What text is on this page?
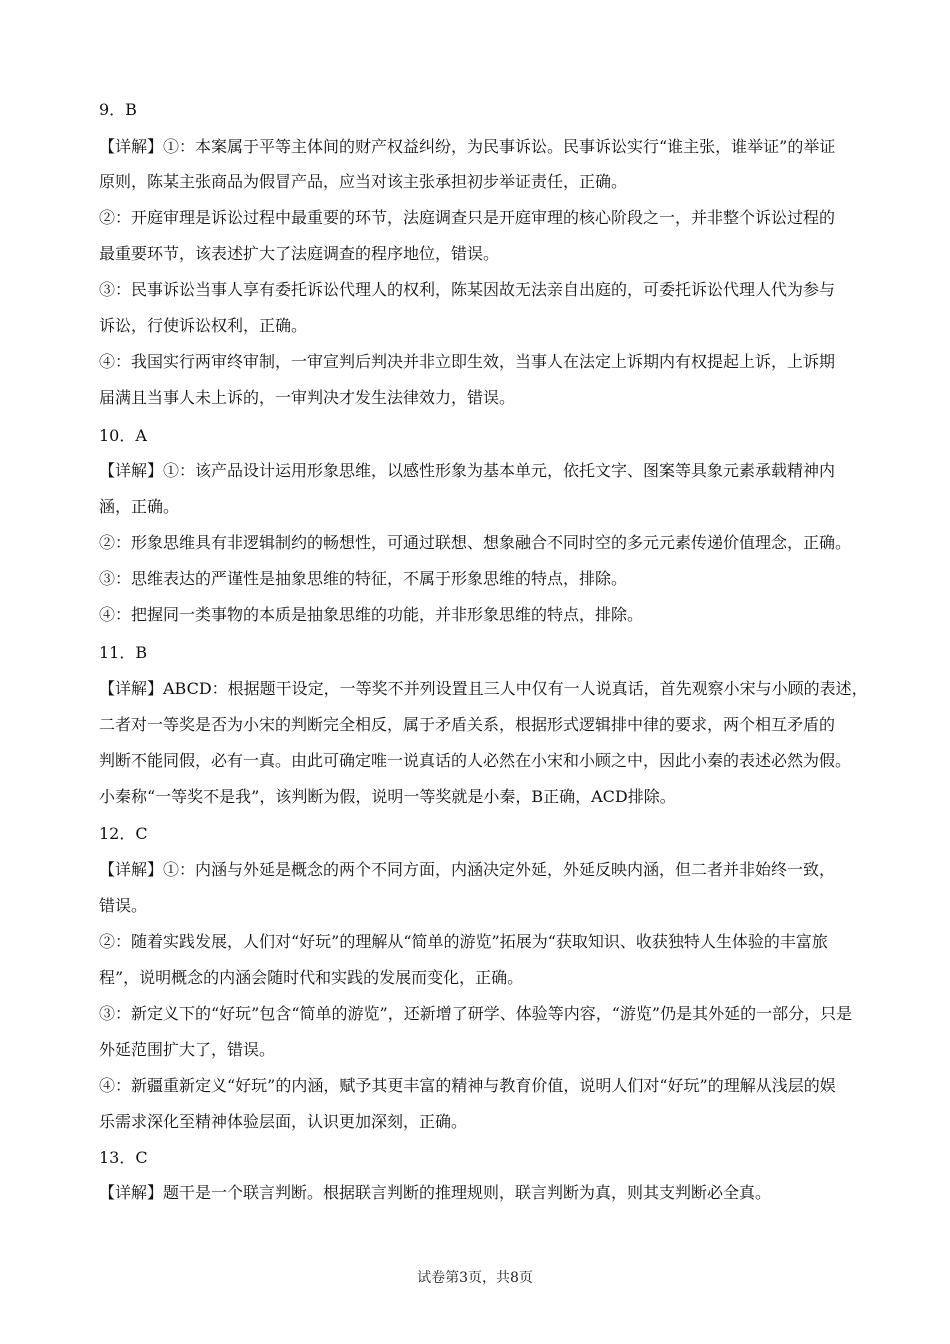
9．B
【详解】①：本案属于平等主体间的财产权益纠纷，为民事诉讼。民事诉讼实行“谁主张，谁举证”的举证
原则，陈某主张商品为假冒产品，应当对该主张承担初步举证责任，正确。
②：开庭审理是诉讼过程中最重要的环节，法庭调查只是开庭审理的核心阶段之一，并非整个诉讼过程的
最重要环节，该表述扩大了法庭调查的程序地位，错误。
③：民事诉讼当事人享有委托诉讼代理人的权利，陈某因故无法亲自出庭的，可委托诉讼代理人代为参与
诉讼，行使诉讼权利，正确。
④：我国实行两审终审制，一审宣判后判决并非立即生效，当事人在法定上诉期内有权提起上诉，上诉期
届满且当事人未上诉的，一审判决才发生法律效力，错误。
10．A
【详解】①：该产品设计运用形象思维，以感性形象为基本单元，依托文字、图案等具象元素承载精神内
涵，正确。
②：形象思维具有非逻辑制约的畅想性，可通过联想、想象融合不同时空的多元元素传递价值理念，正确。
③：思维表达的严谨性是抽象思维的特征，不属于形象思维的特点，排除。
④：把握同一类事物的本质是抽象思维的功能，并非形象思维的特点，排除。
11．B
【详解】ABCD：根据题干设定，一等奖不并列设置且三人中仅有一人说真话，首先观察小宋与小顾的表述，
二者对一等奖是否为小宋的判断完全相反，属于矛盾关系，根据形式逻辑排中律的要求，两个相互矛盾的
判断不能同假，必有一真。由此可确定唯一说真话的人必然在小宋和小顾之中，因此小秦的表述必然为假。
小秦称“一等奖不是我”，该判断为假，说明一等奖就是小秦，B正确，ACD排除。
12．C
【详解】①：内涵与外延是概念的两个不同方面，内涵决定外延，外延反映内涵，但二者并非始终一致，
错误。
②：随着实践发展，人们对“好玩”的理解从“简单的游览”拓展为“获取知识、收获独特人生体验的丰富旅
程”，说明概念的内涵会随时代和实践的发展而变化，正确。
③：新定义下的“好玩”包含“简单的游览”，还新增了研学、体验等内容，“游览”仍是其外延的一部分，只是
外延范围扩大了，错误。
④：新疆重新定义“好玩”的内涵，赋予其更丰富的精神与教育价值，说明人们对“好玩”的理解从浅层的娱
乐需求深化至精神体验层面，认识更加深刻，正确。
13．C
【详解】题干是一个联言判断。根据联言判断的推理规则，联言判断为真，则其支判断必全真。
试卷第3页，共8页
